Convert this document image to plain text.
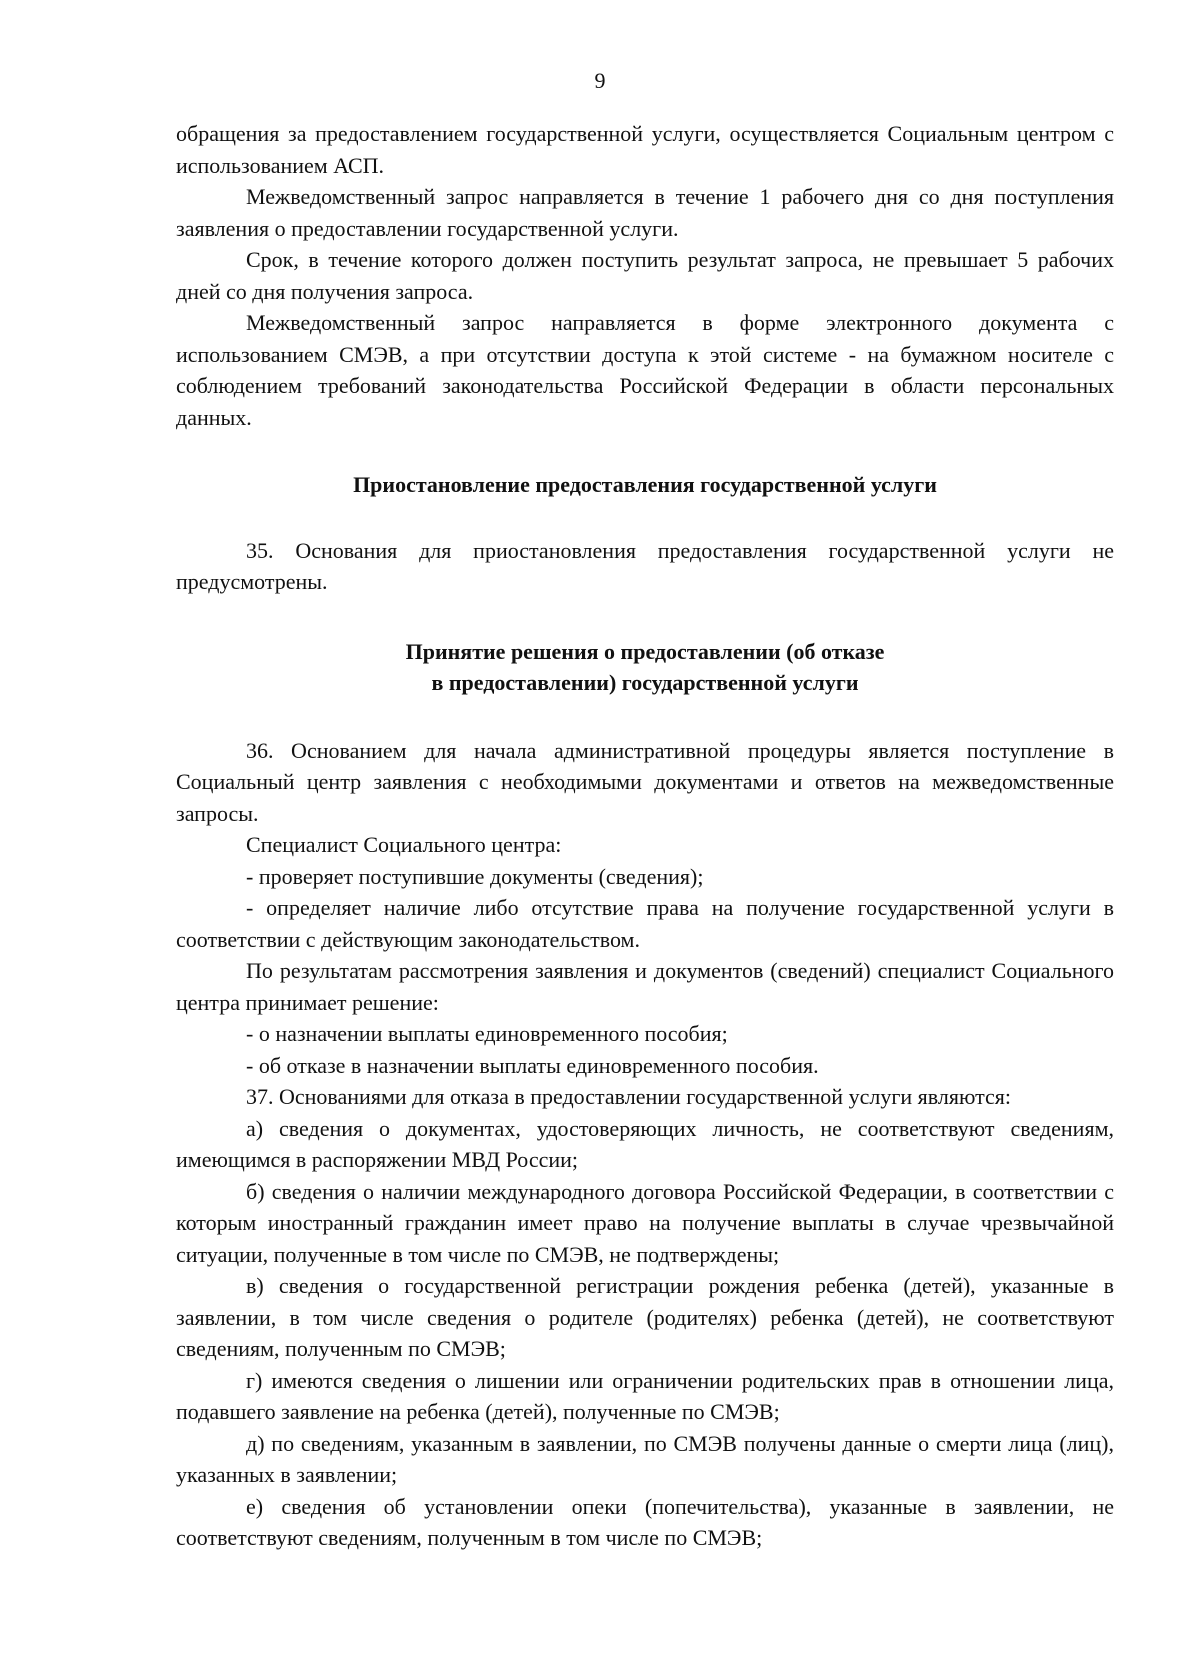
9

обращения за предоставлением государственной услуги, осуществляется Социальным центром с использованием АСП.

Межведомственный запрос направляется в течение 1 рабочего дня со дня поступления заявления о предоставлении государственной услуги.

Срок, в течение которого должен поступить результат запроса, не превышает 5 рабочих дней со дня получения запроса.

Межведомственный запрос направляется в форме электронного документа с использованием СМЭВ, а при отсутствии доступа к этой системе - на бумажном носителе с соблюдением требований законодательства Российской Федерации в области персональных данных.

Приостановление предоставления государственной услуги

35. Основания для приостановления предоставления государственной услуги не предусмотрены.

Принятие решения о предоставлении (об отказе

в предоставлении) государственной услуги

36. Основанием для начала административной процедуры является поступление в Социальный центр заявления с необходимыми документами и ответов на межведомственные запросы.

Специалист Социального центра:

- проверяет поступившие документы (сведения);

- определяет наличие либо отсутствие права на получение государственной услуги в соответствии с действующим законодательством.

По результатам рассмотрения заявления и документов (сведений) специалист Социального центра принимает решение:

- о назначении выплаты единовременного пособия;

- об отказе в назначении выплаты единовременного пособия.

37. Основаниями для отказа в предоставлении государственной услуги являются:

а) сведения о документах, удостоверяющих личность, не соответствуют сведениям, имеющимся в распоряжении МВД России;

б) сведения о наличии международного договора Российской Федерации, в соответствии с которым иностранный гражданин имеет право на получение выплаты в случае чрезвычайной ситуации, полученные в том числе по СМЭВ, не подтверждены;

в) сведения о государственной регистрации рождения ребенка (детей), указанные в заявлении, в том числе сведения о родителе (родителях) ребенка (детей), не соответствуют сведениям, полученным по СМЭВ;

г) имеются сведения о лишении или ограничении родительских прав в отношении лица, подавшего заявление на ребенка (детей), полученные по СМЭВ;

д) по сведениям, указанным в заявлении, по СМЭВ получены данные о смерти лица (лиц), указанных в заявлении;

е) сведения об установлении опеки (попечительства), указанные в заявлении, не соответствуют сведениям, полученным в том числе по СМЭВ;
